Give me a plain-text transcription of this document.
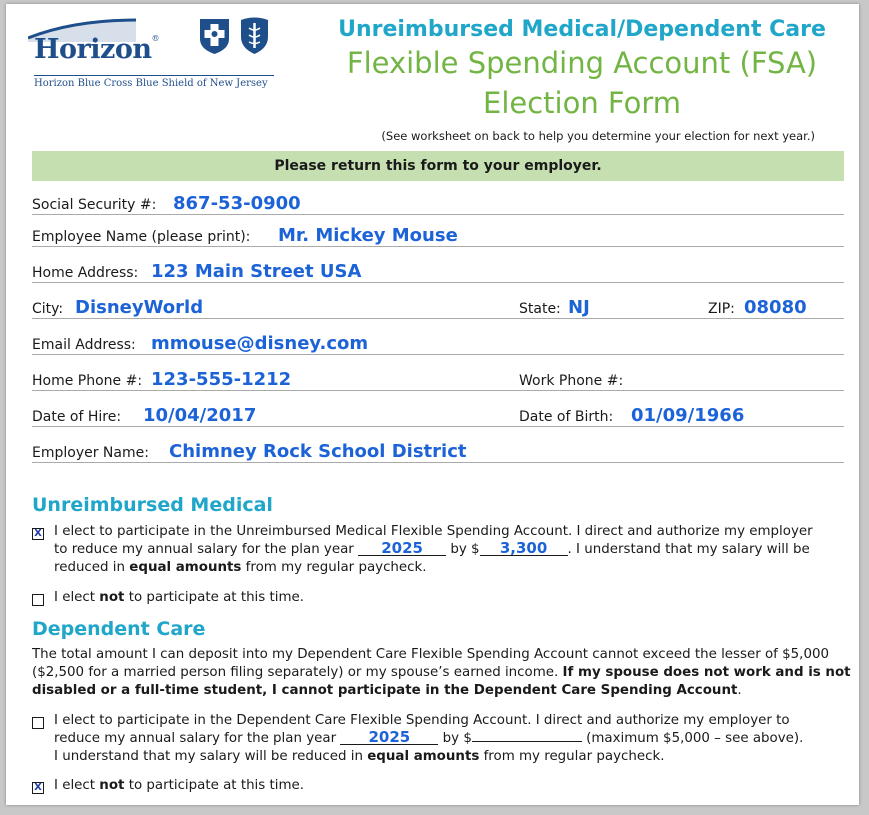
Horizon®
Horizon Blue Cross Blue Shield of New Jersey
Unreimbursed Medical/Dependent Care
Flexible Spending Account (FSA)
Election Form
(See worksheet on back to help you determine your election for next year.)
Please return this form to your employer.
Social Security #: 867-53-0900
Employee Name (please print): Mr. Mickey Mouse
Home Address: 123 Main Street USA
City: DisneyWorld	State: NJ	ZIP: 08080
Email Address: mmouse@disney.com
Home Phone #: 123-555-1212	Work Phone #:
Date of Hire: 10/04/2017	Date of Birth: 01/09/1966
Employer Name: Chimney Rock School District
Unreimbursed Medical
X I elect to participate in the Unreimbursed Medical Flexible Spending Account. I direct and authorize my employer
to reduce my annual salary for the plan year 2025 by $ 3,300 . I understand that my salary will be
reduced in equal amounts from my regular paycheck.
I elect not to participate at this time.
Dependent Care
The total amount I can deposit into my Dependent Care Flexible Spending Account cannot exceed the lesser of $5,000
($2,500 for a married person filing separately) or my spouse’s earned income. If my spouse does not work and is not
disabled or a full-time student, I cannot participate in the Dependent Care Spending Account.
I elect to participate in the Dependent Care Flexible Spending Account. I direct and authorize my employer to
reduce my annual salary for the plan year 2025 by $	(maximum $5,000 – see above).
I understand that my salary will be reduced in equal amounts from my regular paycheck.
X I elect not to participate at this time.
